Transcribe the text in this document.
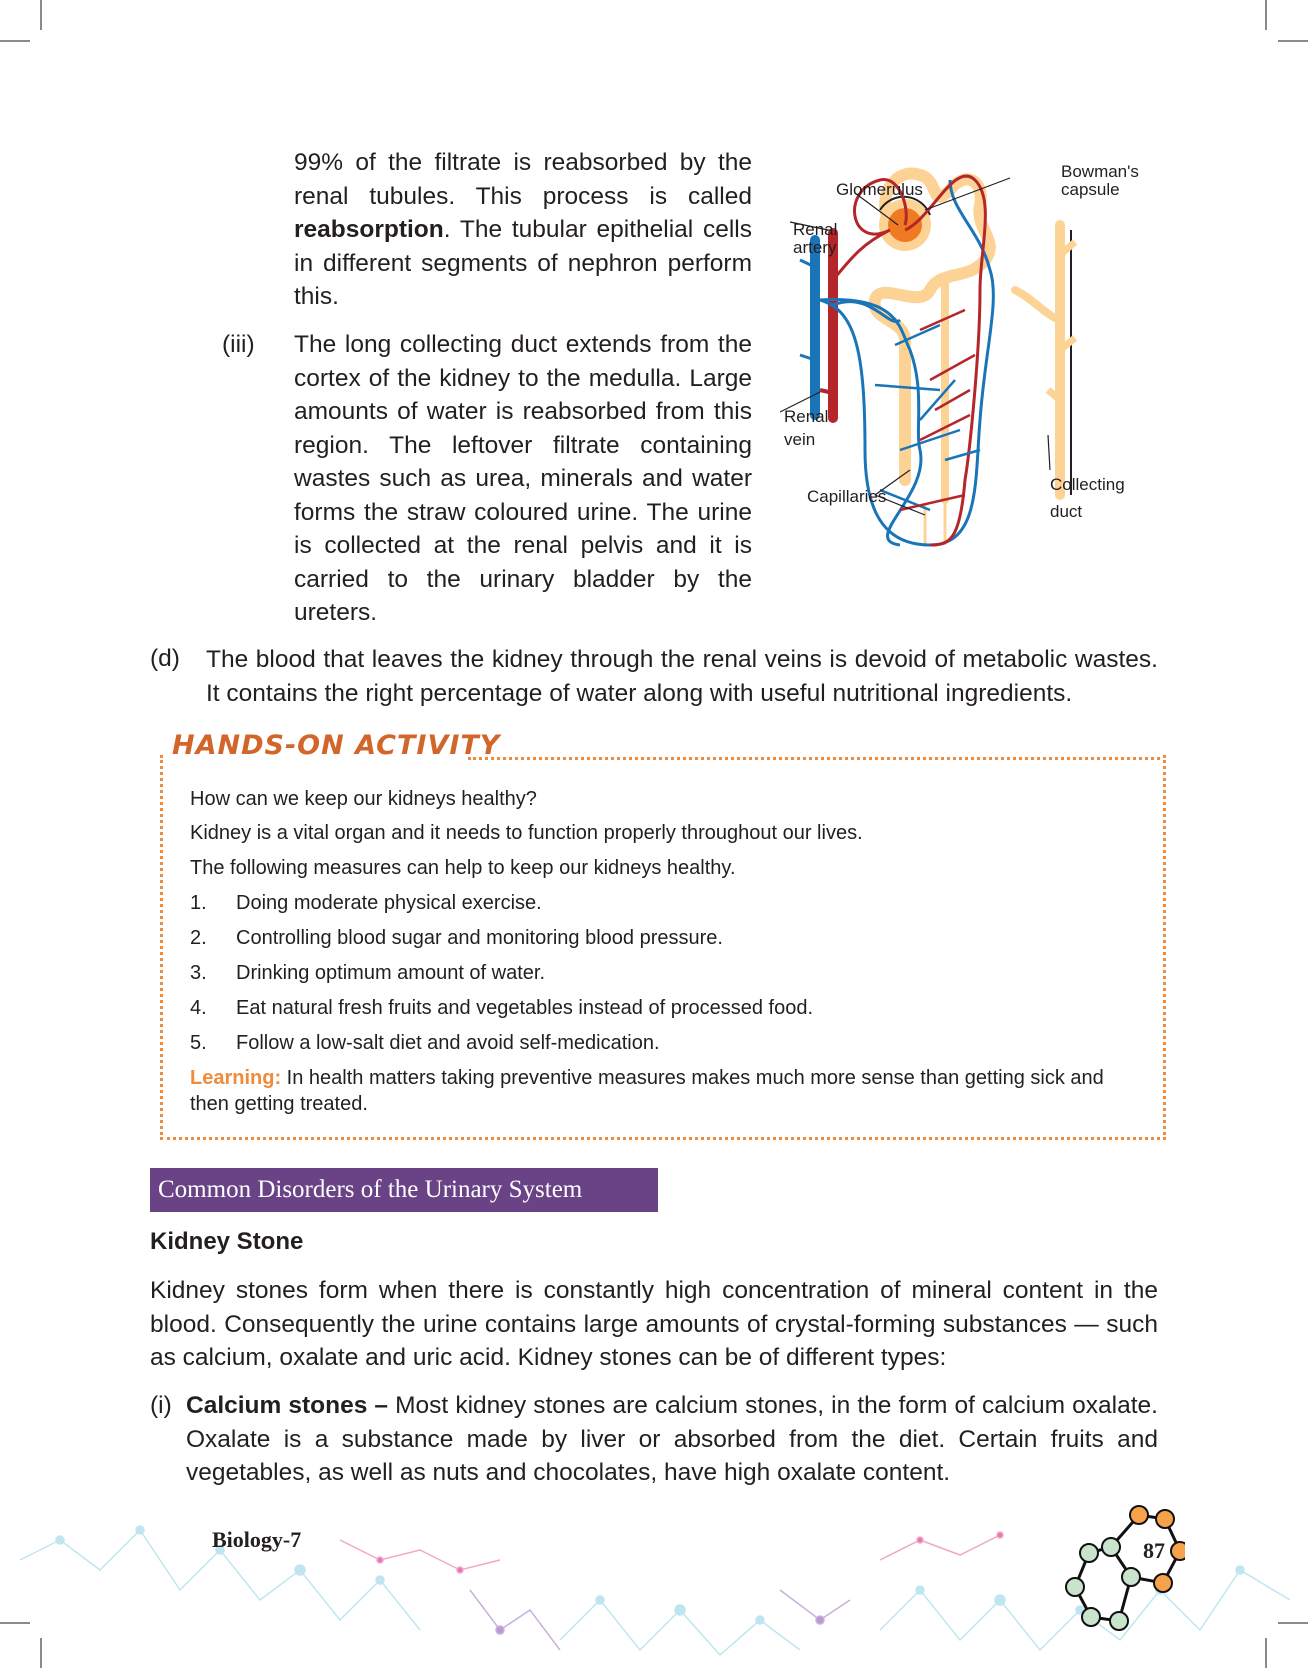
99% of the filtrate is reabsorbed by the renal tubules. This process is called reabsorption. The tubular epithelial cells in different segments of nephron perform this.
(iii) The long collecting duct extends from the cortex of the kidney to the medulla. Large amounts of water is reabsorbed from this region. The leftover filtrate containing wastes such as urea, minerals and water forms the straw coloured urine. The urine is collected at the renal pelvis and it is carried to the urinary bladder by the ureters.
(d) The blood that leaves the kidney through the renal veins is devoid of metabolic wastes. It contains the right percentage of water along with useful nutritional ingredients.
Glomerulus
Bowman's
capsule
Renal
artery
Renal
vein
Capillaries
Collecting
duct
HANDS-ON ACTIVITY
How can we keep our kidneys healthy?
Kidney is a vital organ and it needs to function properly throughout our lives.
The following measures can help to keep our kidneys healthy.
1. Doing moderate physical exercise.
2. Controlling blood sugar and monitoring blood pressure.
3. Drinking optimum amount of water.
4. Eat natural fresh fruits and vegetables instead of processed food.
5. Follow a low-salt diet and avoid self-medication.
Learning: In health matters taking preventive measures makes much more sense than getting sick and then getting treated.
Common Disorders of the Urinary System
Kidney Stone
Kidney stones form when there is constantly high concentration of mineral content in the blood. Consequently the urine contains large amounts of crystal-forming substances — such as calcium, oxalate and uric acid. Kidney stones can be of different types:
(i) Calcium stones – Most kidney stones are calcium stones, in the form of calcium oxalate. Oxalate is a substance made by liver or absorbed from the diet. Certain fruits and vegetables, as well as nuts and chocolates, have high oxalate content.
Biology-7	87
